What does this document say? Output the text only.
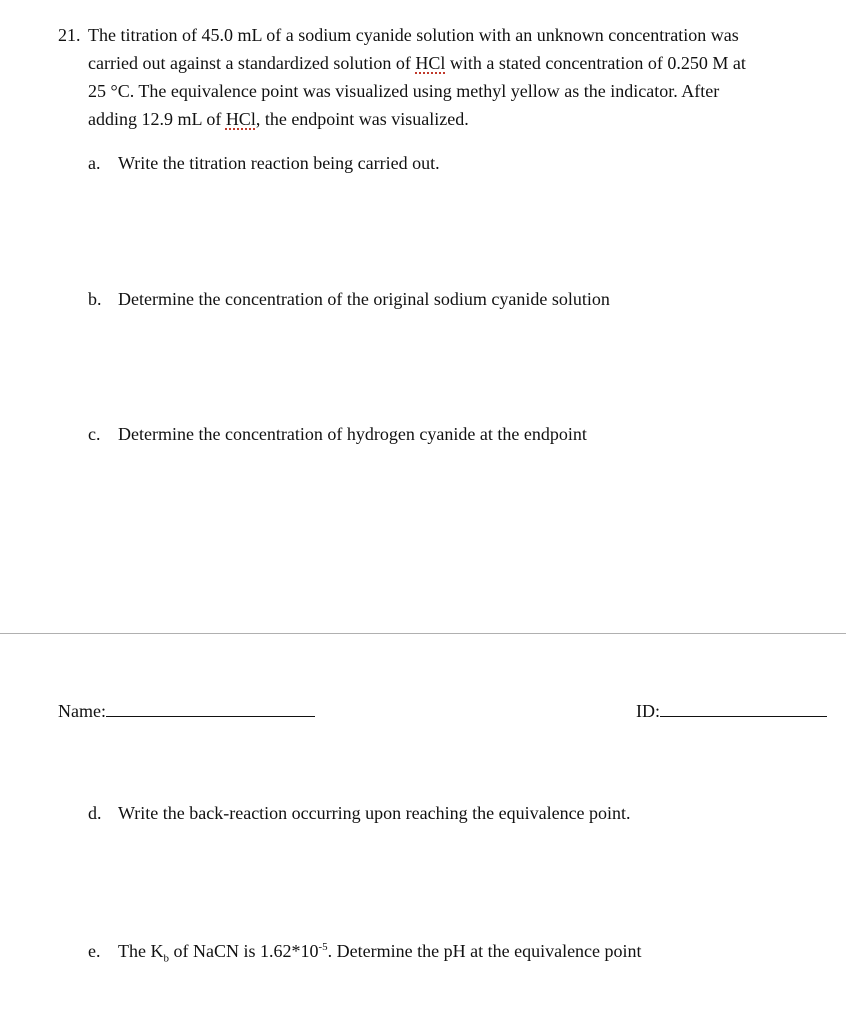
21. The titration of 45.0 mL of a sodium cyanide solution with an unknown concentration was
carried out against a standardized solution of HCl with a stated concentration of 0.250 M at
25 °C. The equivalence point was visualized using methyl yellow as the indicator. After
adding 12.9 mL of HCl, the endpoint was visualized.
a. Write the titration reaction being carried out.
b. Determine the concentration of the original sodium cyanide solution
c. Determine the concentration of hydrogen cyanide at the endpoint
Name:	ID:
d. Write the back-reaction occurring upon reaching the equivalence point.
e. The $K_b$ of NaCN is $1.62*10^{-5}$. Determine the pH at the equivalence point
